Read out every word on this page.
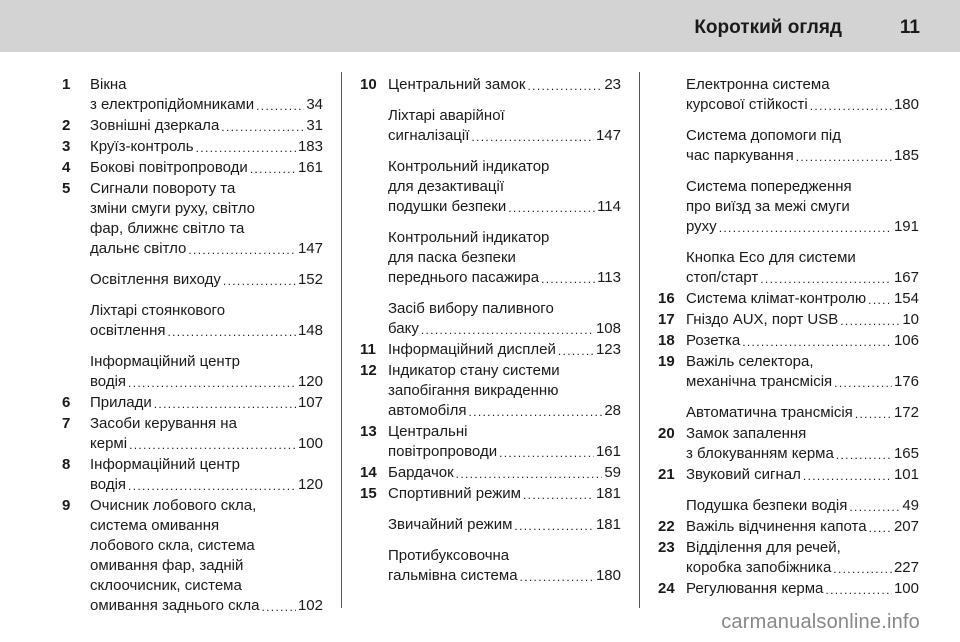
Короткий огляд	11
1 Вікна
з електропідйомниками . . .	34
2 Зовнішні дзеркала . . .	31
3 Круїз-контроль . . .	183
4 Бокові повітропроводи . . .	161
5 Сигнали повороту та
зміни смуги руху, світло
фар, ближнє світло та
дальнє світло . . .	147
Освітлення виходу . . .	152
Ліхтарі стоянкового
освітлення . . .	148
Інформаційний центр
водія . . .	120
6 Прилади . . .	107
7 Засоби керування на
кермі . . .	100
8 Інформаційний центр
водія . . .	120
9 Очисник лобового скла,
система омивання
лобового скла, система
омивання фар, задній
склоочисник, система
омивання заднього скла . . .	102
10 Центральний замок . . .	23
Ліхтарі аварійної
сигналізації . . .	147
Контрольний індикатор
для дезактивації
подушки безпеки . . .	114
Контрольний індикатор
для паска безпеки
переднього пасажира . . .	113
Засіб вибору паливного
баку . . .	108
11 Інформаційний дисплей . . .	123
12 Індикатор стану системи
запобігання викраденню
автомобіля . . .	28
13 Центральні
повітропроводи . . .	161
14 Бардачок . . .	59
15 Спортивний режим . . .	181
Звичайний режим . . .	181
Протибуксовочна
гальмівна система . . .	180
Електронна система
курсової стійкості . . .	180
Система допомоги під
час паркування . . .	185
Система попередження
про виїзд за межі смуги
руху . . .	191
Кнопка Eco для системи
стоп/старт . . .	167
16 Система клімат-контролю . . . 154
17 Гніздо AUX, порт USB . . .	10
18 Розетка . . .	106
19 Важіль селектора,
механічна трансмісія . . .	176
Автоматична трансмісія . . .	172
20 Замок запалення
з блокуванням керма . . .	165
21 Звуковий сигнал . . .	101
Подушка безпеки водія . . .	49
22 Важіль відчинення капота . . . 207
23 Відділення для речей,
коробка запобіжника . . .	227
24 Регулювання керма . . .	100
carmanualsonline.info
